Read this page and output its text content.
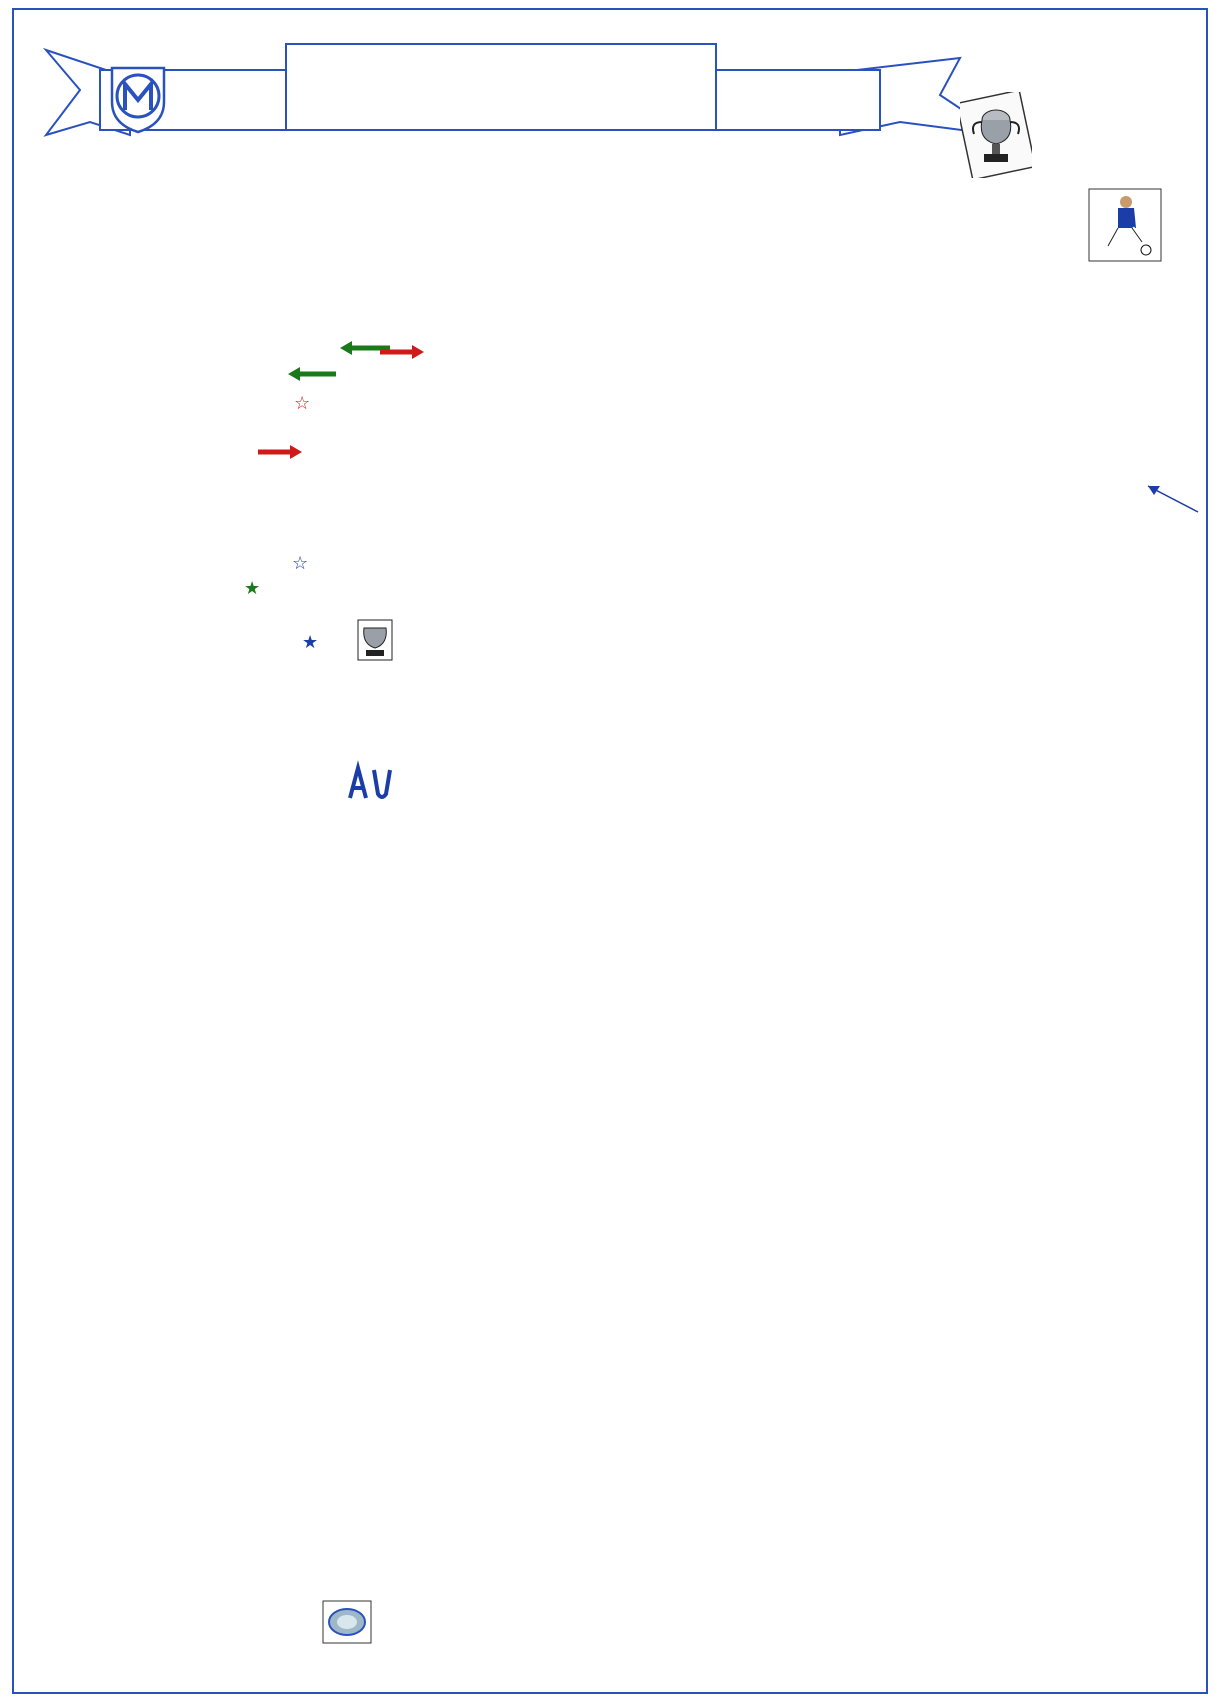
☆
☆
★
★
